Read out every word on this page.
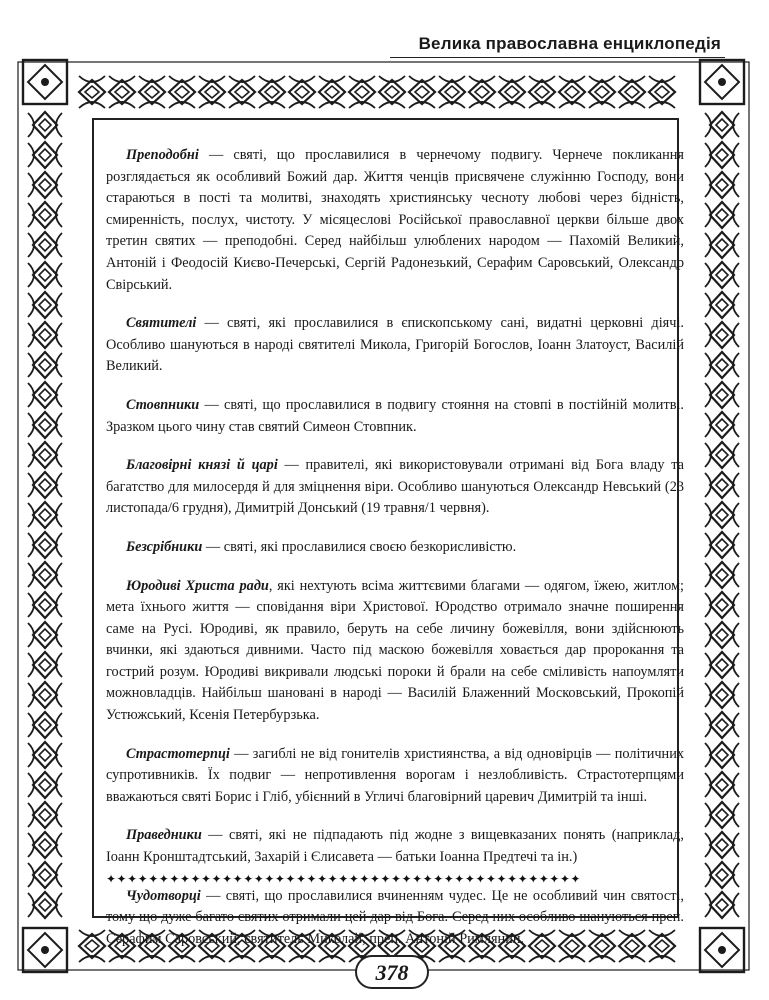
Велика православна енциклопедія

Преподобні — святі, що прославилися в чернечому подвигу. Чернече покликання розглядається як особливий Божий дар. Життя ченців присвячене служінню Господу, вони стараються в пості та молитві, знаходять християнську чесноту любові через бідність, смиренність, послух, чистоту. У місяцеслові Російської православної церкви більше двох третин святих — преподобні. Серед найбільш улюблених народом — Пахомій Великий, Антоній і Феодосій Києво-Печерські, Сергій Радонезький, Серафим Саровський, Олександр Свірський.

Святителі — святі, які прославилися в єпископському сані, видатні церковні діячі. Особливо шануються в народі святителі Микола, Григорій Богослов, Іоанн Златоуст, Василій Великий.

Стовпники — святі, що прославилися в подвигу стояння на стовпі в постійній молитві. Зразком цього чину став святий Симеон Стовпник.

Благовірні князі й царі — правителі, які використовували отримані від Бога владу та багатство для милосердя й для зміцнення віри. Особливо шануються Олександр Невський (23 листопада/6 грудня), Димитрій Донський (19 травня/1 червня).

Безсрібники — святі, які прославилися своєю безкорисливістю.

Юродиві Христа ради, які нехтують всіма життєвими благами — одягом, їжею, житлом; мета їхнього життя — сповідання віри Христової. Юродство отримало значне поширення саме на Русі. Юродиві, як правило, беруть на себе личину божевілля, вони здійснюють вчинки, які здаються дивними. Часто під маскою божевілля ховається дар пророкання та гострий розум. Юродиві викривали людські пороки й брали на себе сміливість напоумляти можновладців. Найбільш шановані в народі — Василій Блаженний Московський, Прокопій Устюжський, Ксенія Петербурзька.

Страстотерпці — загиблі не від гонителів християнства, а від одновірців — політичних супротивників. Їх подвиг — непротивлення ворогам і незлобливість. Страстотерпцями вважаються святі Борис і Гліб, убієнний в Угличі благовірний царевич Димитрій та інші.

Праведники — святі, які не підпадають під жодне з вищевказаних понять (наприклад, Іоанн Кронштадтський, Захарій і Єлисавета — батьки Іоанна Предтечі та ін.)

Чудотворці — святі, що прославилися вчиненням чудес. Це не особливий чин святості, тому що дуже багато святих отримали цей дар від Бога. Серед них особливо шануються преп. Серафим Саровський, святитель Миколай, преп. Антоній Римлянин.

✦✦✦✦✦✦✦✦✦✦✦✦✦✦✦✦✦✦✦✦✦✦✦✦✦✦✦✦✦✦✦✦✦✦✦✦✦✦✦✦✦✦✦✦✦
378
